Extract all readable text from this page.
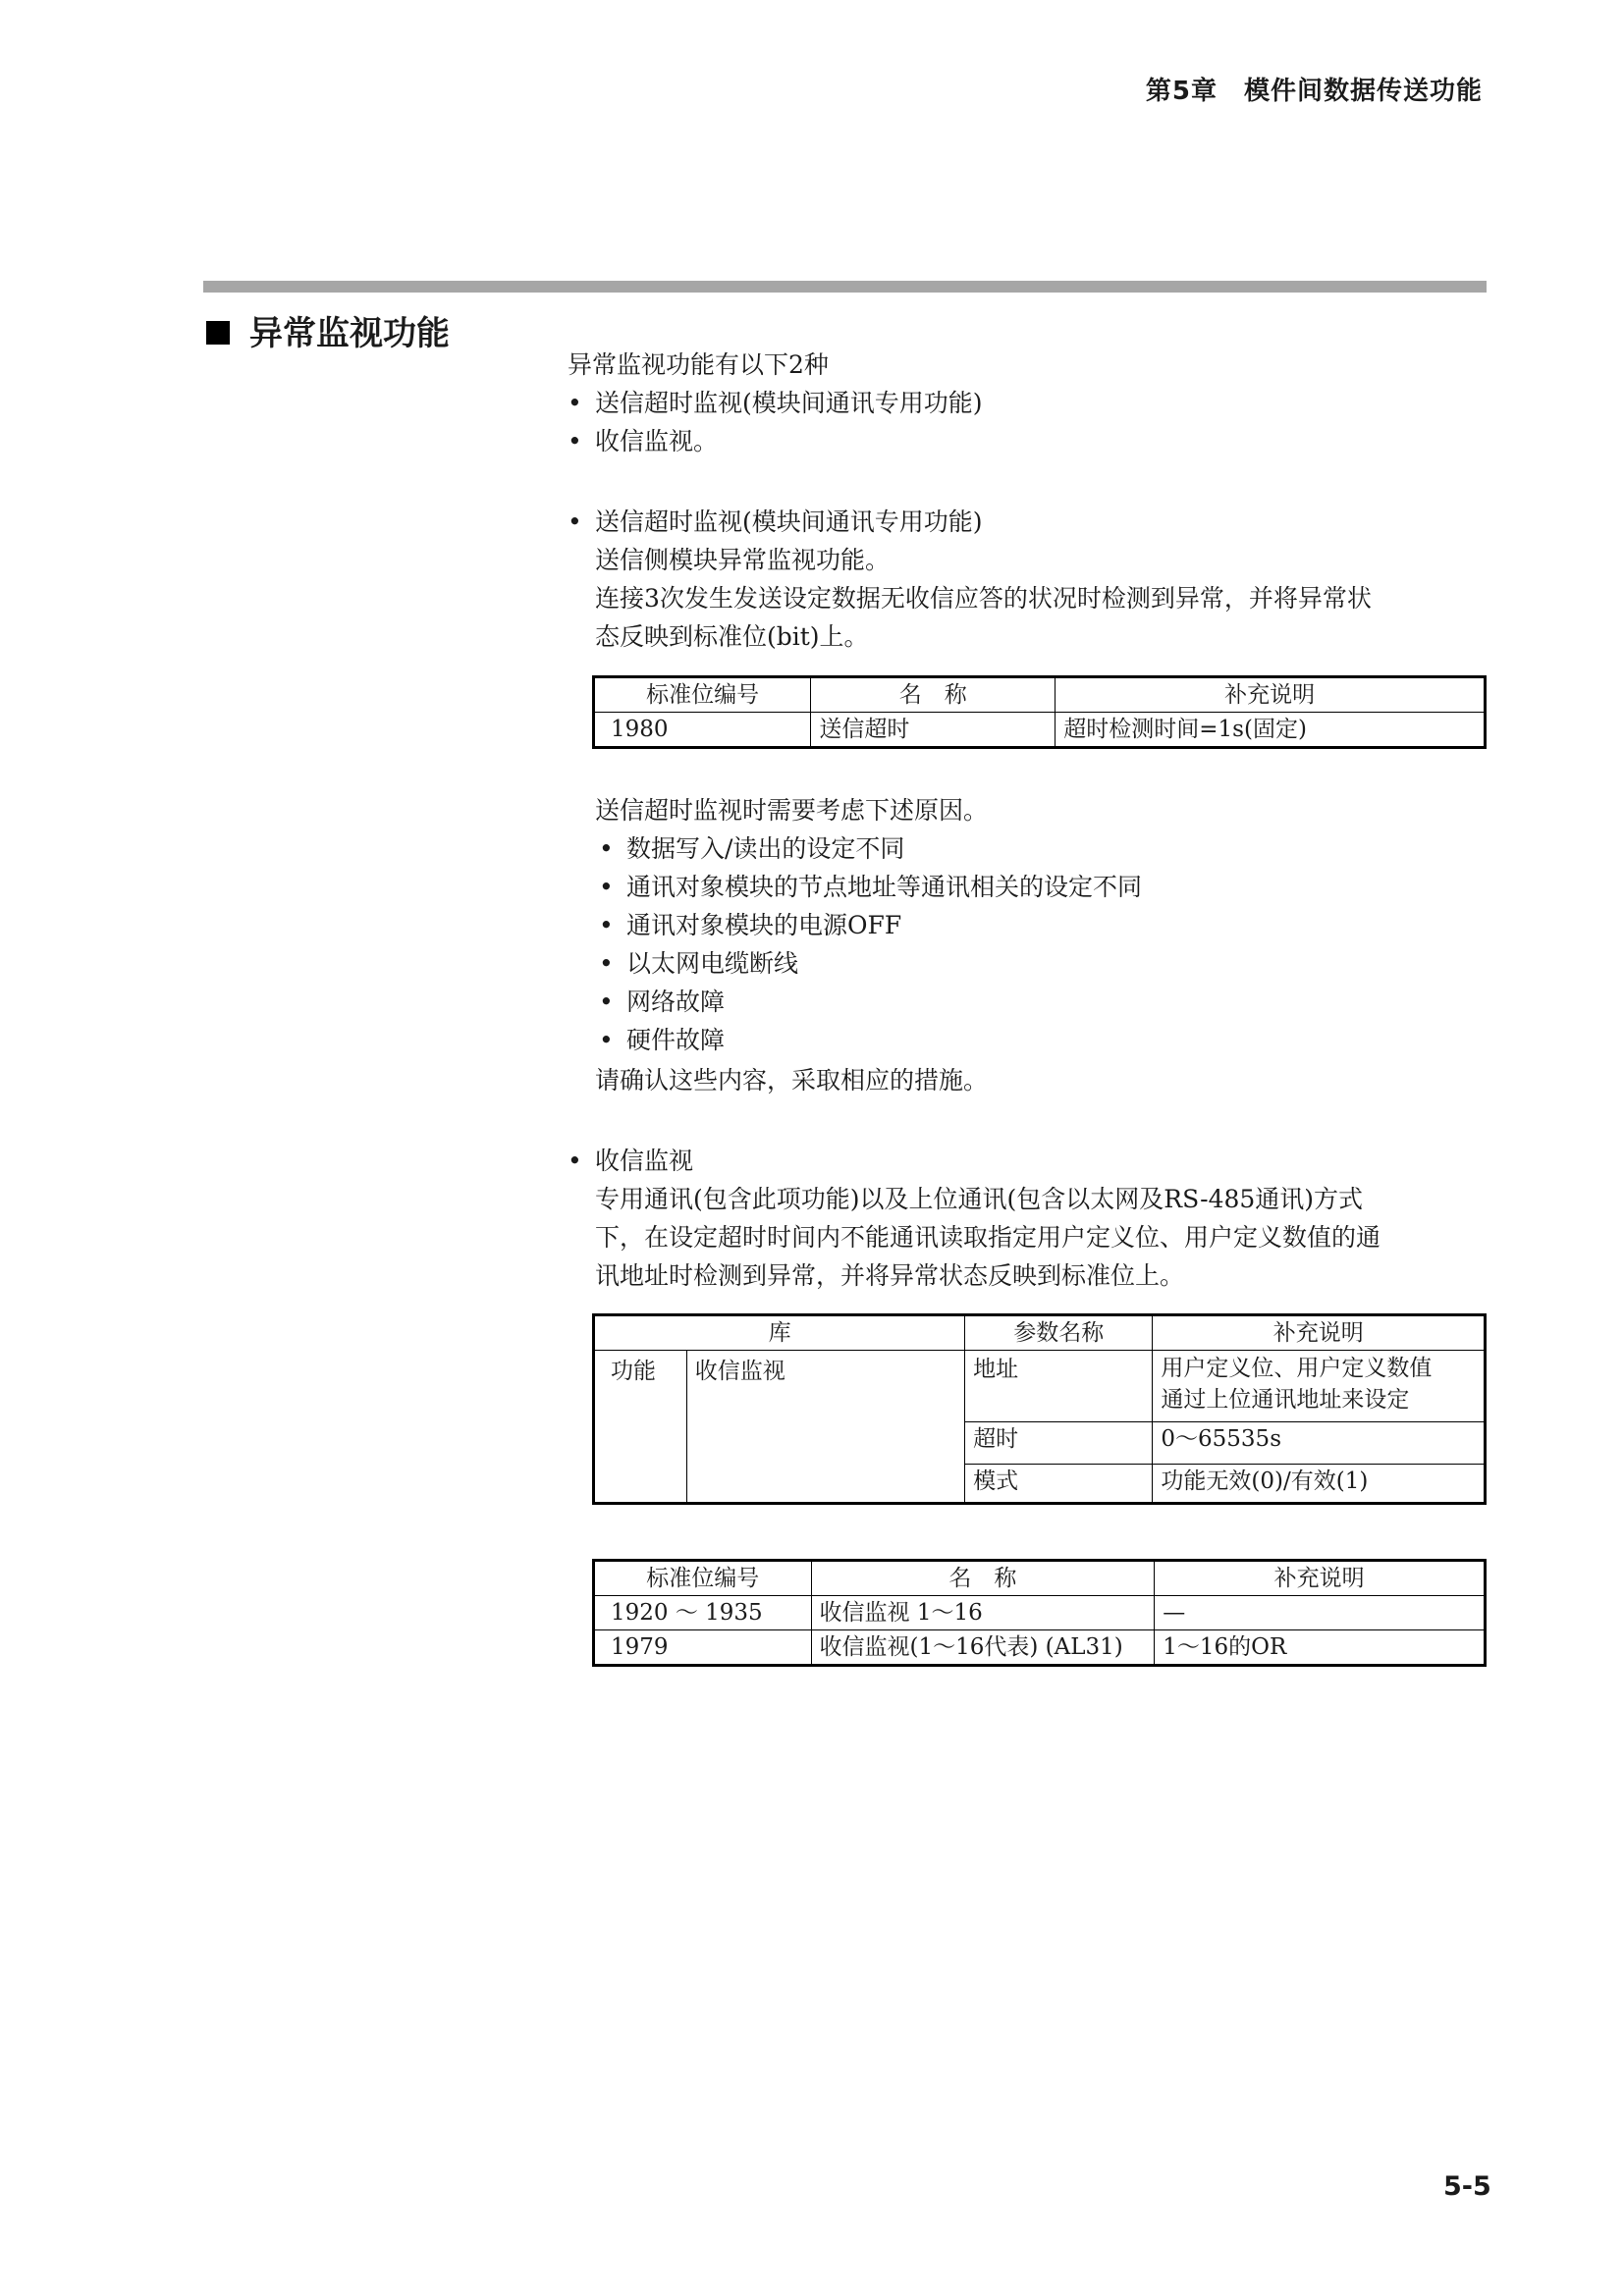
第5章　模件间数据传送功能
异常监视功能
异常监视功能有以下2种
• 送信超时监视(模块间通讯专用功能)
• 收信监视。
• 送信超时监视(模块间通讯专用功能)
送信侧模块异常监视功能。
连接3次发生发送设定数据无收信应答的状况时检测到异常，并将异常状
态反映到标准位(bit)上。
标准位编号	名　称	补充说明
1980	送信超时	超时检测时间=1s(固定)
送信超时监视时需要考虑下述原因。
• 数据写入/读出的设定不同
• 通讯对象模块的节点地址等通讯相关的设定不同
• 通讯对象模块的电源OFF
• 以太网电缆断线
• 网络故障
• 硬件故障
请确认这些内容，采取相应的措施。
• 收信监视
专用通讯(包含此项功能)以及上位通讯(包含以太网及RS-485通讯)方式
下，在设定超时时间内不能通讯读取指定用户定义位、用户定义数值的通
讯地址时检测到异常，并将异常状态反映到标准位上。
库		参数名称	补充说明
功能	收信监视	地址	用户定义位、用户定义数值
通过上位通讯地址来设定

		超时	0～65535s
		模式	功能无效(0)/有效(1)
标准位编号	名　称	补充说明
1920 ～ 1935	收信监视 1～16	—
1979	收信监视(1～16代表) (AL31)	1～16的OR
5-5
